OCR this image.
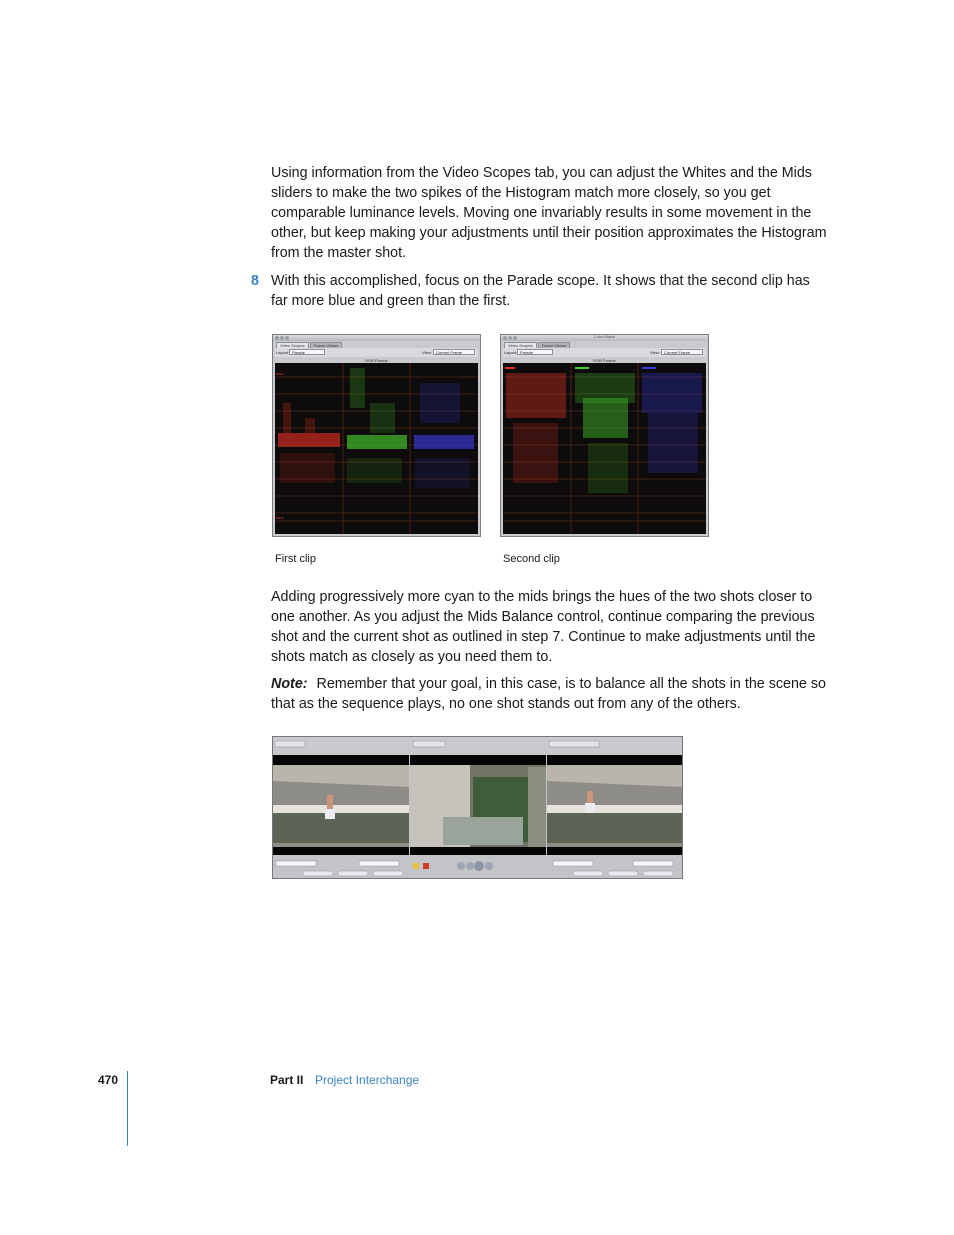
Using information from the Video Scopes tab, you can adjust the Whites and the Mids sliders to make the two spikes of the Histogram match more closely, so you get comparable luminance levels. Moving one invariably results in some movement in the other, but keep making your adjustments until their position approximates the Histogram from the master shot.

8 With this accomplished, focus on the Parade scope. It shows that the second clip has far more blue and green than the first.

Video Scopes	Frame Viewer
Layout: Parade	View:	Current Frame
RGB Parade
White
Black
Color Match
Video Scopes	Frame Viewer
Layout: Parade	View:	Current Frame
RGB Parade
First clip	Second clip

Adding progressively more cyan to the mids brings the hues of the two shots closer to one another. As you adjust the Mids Balance control, continue comparing the previous shot and the current shot as outlined in step 7. Continue to make adjustments until the shots match as closely as you need them to.

Note: Remember that your goal, in this case, is to balance all the shots in the scene so that as the sequence plays, no one shot stands out from any of the others.

470	Part II Project Interchange
